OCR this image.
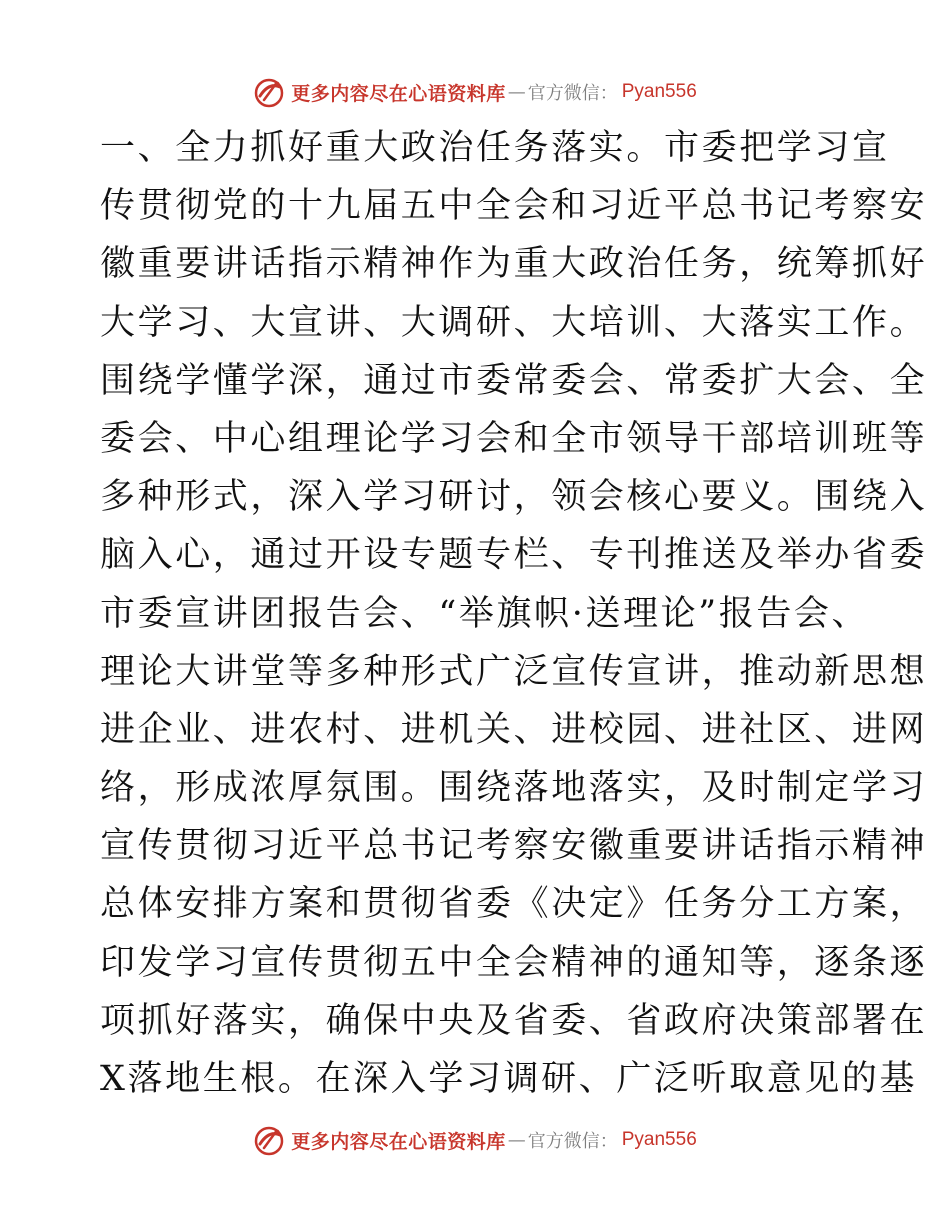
更多内容尽在心语资料库 — 官方微信： Pyan556
一、全力抓好重大政治任务落实。市委把学习宣
传贯彻党的十九届五中全会和习近平总书记考察安
徽重要讲话指示精神作为重大政治任务，统筹抓好
大学习、大宣讲、大调研、大培训、大落实工作。
围绕学懂学深，通过市委常委会、常委扩大会、全
委会、中心组理论学习会和全市领导干部培训班等
多种形式，深入学习研讨，领会核心要义。围绕入
脑入心，通过开设专题专栏、专刊推送及举办省委
市委宣讲团报告会、“举旗帜·送理论”报告会、
理论大讲堂等多种形式广泛宣传宣讲，推动新思想
进企业、进农村、进机关、进校园、进社区、进网
络，形成浓厚氛围。围绕落地落实，及时制定学习
宣传贯彻习近平总书记考察安徽重要讲话指示精神
总体安排方案和贯彻省委《决定》任务分工方案，
印发学习宣传贯彻五中全会精神的通知等，逐条逐
项抓好落实，确保中央及省委、省政府决策部署在
X落地生根。在深入学习调研、广泛听取意见的基
更多内容尽在心语资料库 — 官方微信： Pyan556
